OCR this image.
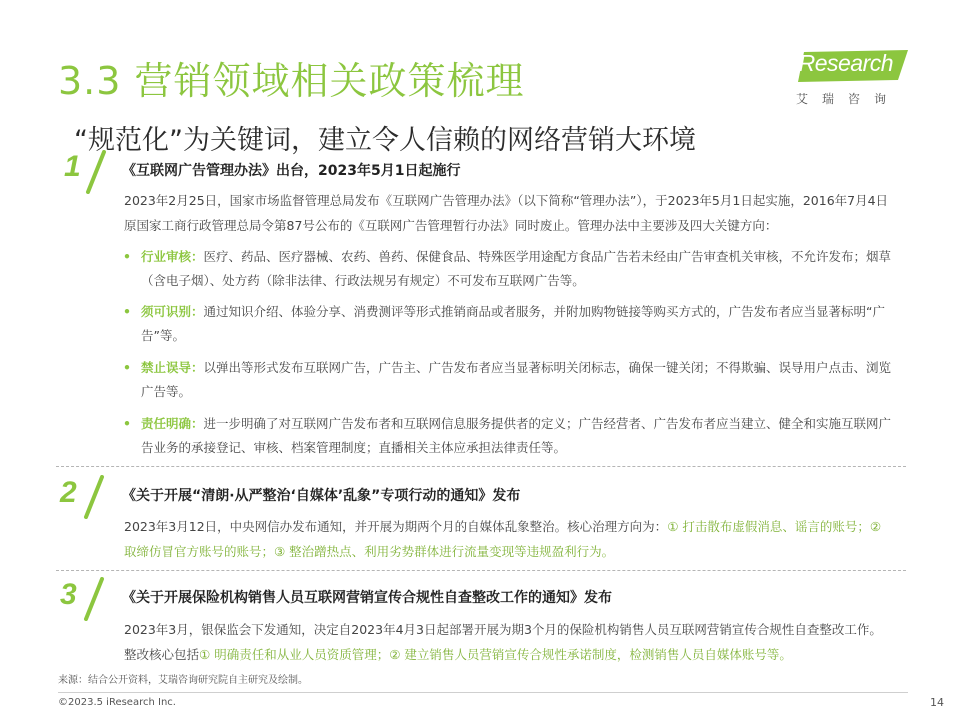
3.3 营销领域相关政策梳理
“规范化”为关键词，建立令人信赖的网络营销大环境
iResearch
艾瑞咨询
1	《互联网广告管理办法》出台，2023年5月1日起施行

2023年2月25日，国家市场监督管理总局发布《互联网广告管理办法》（以下简称“管理办法”），于2023年5月1日起实施，2016年7月4日原国家工商行政管理总局令第87号公布的《互联网广告管理暂行办法》同时废止。管理办法中主要涉及四大关键方向：

• 行业审核：医疗、药品、医疗器械、农药、兽药、保健食品、特殊医学用途配方食品广告若未经由广告审查机关审核，不允许发布；烟草（含电子烟）、处方药（除非法律、行政法规另有规定）不可发布互联网广告等。
• 须可识别：通过知识介绍、体验分享、消费测评等形式推销商品或者服务，并附加购物链接等购买方式的，广告发布者应当显著标明“广告”等。
• 禁止误导：以弹出等形式发布互联网广告，广告主、广告发布者应当显著标明关闭标志，确保一键关闭；不得欺骗、误导用户点击、浏览广告等。
• 责任明确：进一步明确了对互联网广告发布者和互联网信息服务提供者的定义；广告经营者、广告发布者应当建立、健全和实施互联网广告业务的承接登记、审核、档案管理制度；直播相关主体应承担法律责任等。
2	《关于开展“清朗·从严整治‘自媒体’乱象”专项行动的通知》发布

2023年3月12日，中央网信办发布通知，并开展为期两个月的自媒体乱象整治。核心治理方向为：① 打击散布虚假消息、谣言的账号；② 取缔仿冒官方账号的账号；③ 整治蹭热点、利用劣势群体进行流量变现等违规盈利行为。

3	《关于开展保险机构销售人员互联网营销宣传合规性自查整改工作的通知》发布

2023年3月，银保监会下发通知，决定自2023年4月3日起部署开展为期3个月的保险机构销售人员互联网营销宣传合规性自查整改工作。整改核心包括① 明确责任和从业人员资质管理；② 建立销售人员营销宣传合规性承诺制度，检测销售人员自媒体账号等。

来源：结合公开资料，艾瑞咨询研究院自主研究及绘制。
©2023.5 iResearch Inc.	14
